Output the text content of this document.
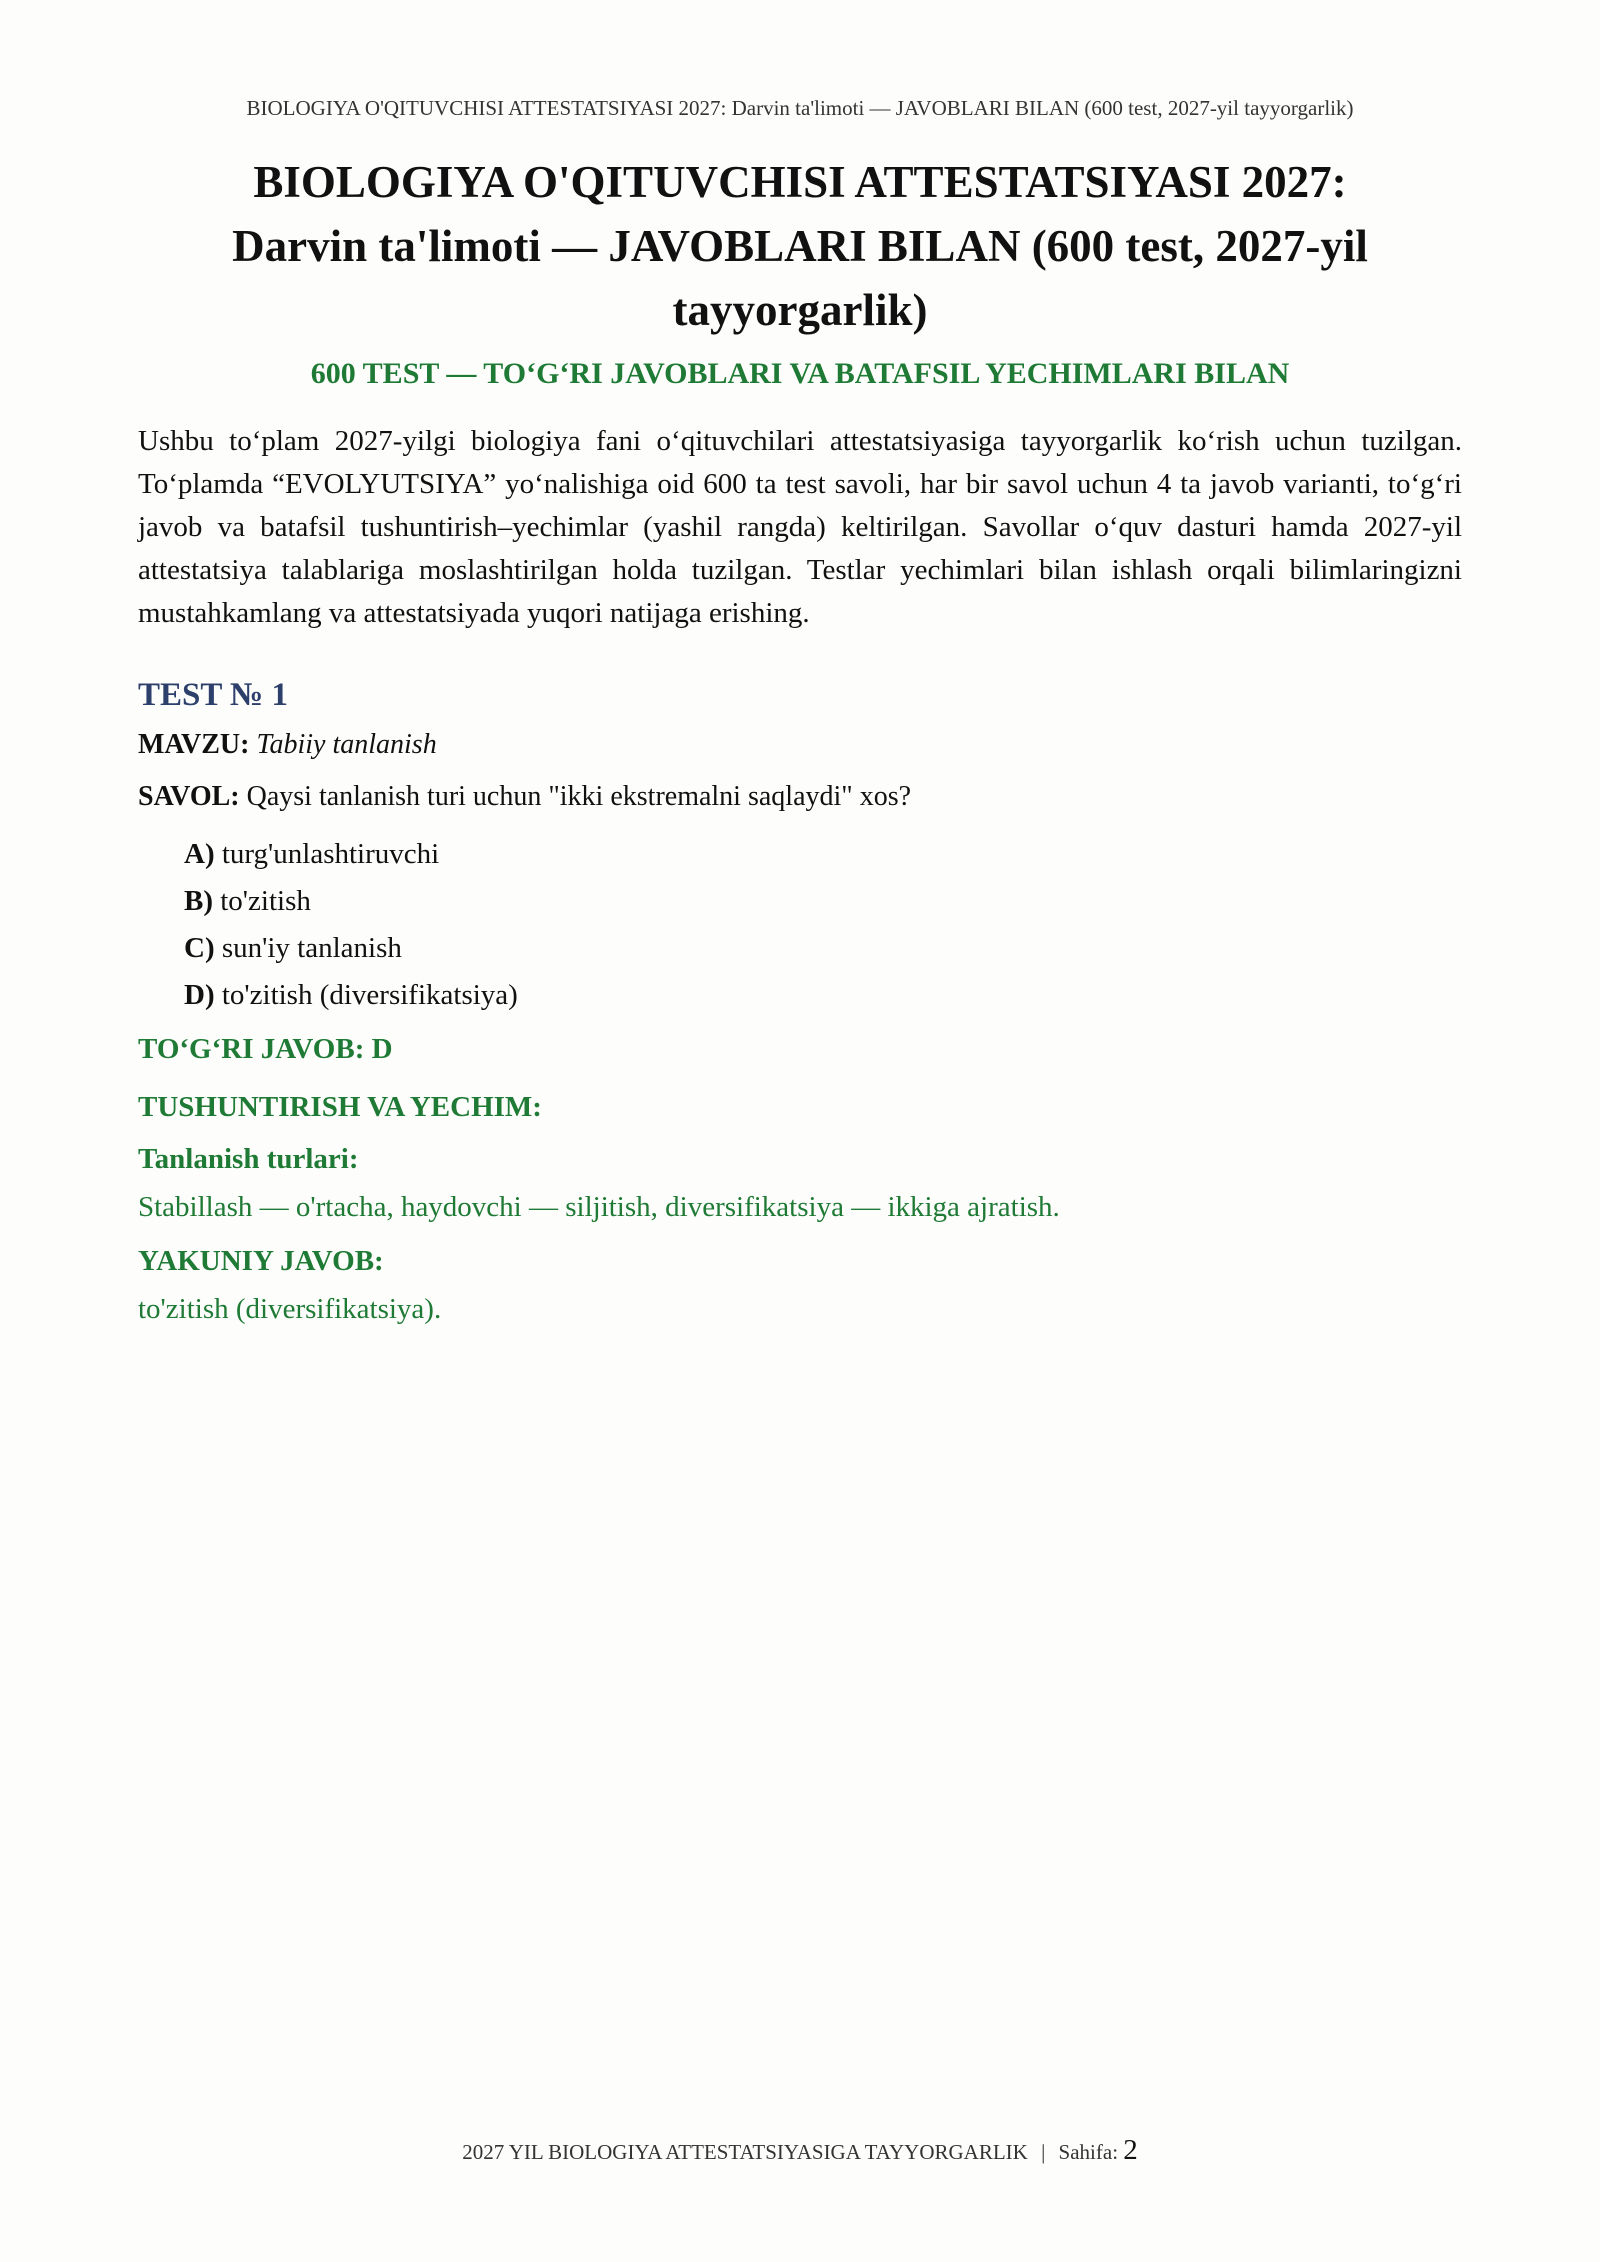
BIOLOGIYA O'QITUVCHISI ATTESTATSIYASI 2027: Darvin ta'limoti — JAVOBLARI BILAN (600 test, 2027-yil tayyorgarlik)
BIOLOGIYA O'QITUVCHISI ATTESTATSIYASI 2027:
Darvin ta'limoti — JAVOBLARI BILAN (600 test, 2027-yil
tayyorgarlik)
600 TEST — TO‘G‘RI JAVOBLARI VA BATAFSIL YECHIMLARI BILAN

Ushbu to‘plam 2027-yilgi biologiya fani o‘qituvchilari attestatsiyasiga tayyorgarlik ko‘rish uchun tuzilgan. To‘plamda “EVOLYUTSIYA” yo‘nalishiga oid 600 ta test savoli, har bir savol uchun 4 ta javob varianti, to‘g‘ri javob va batafsil tushuntirish–yechimlar (yashil rangda) keltirilgan. Savollar o‘quv dasturi hamda 2027-yil attestatsiya talablariga moslashtirilgan holda tuzilgan. Testlar yechimlari bilan ishlash orqali bilimlaringizni mustahkamlang va attestatsiyada yuqori natijaga erishing.

TEST № 1
MAVZU: Tabiiy tanlanish
SAVOL: Qaysi tanlanish turi uchun "ikki ekstremalni saqlaydi" xos?
A) turg'unlashtiruvchi
B) to'zitish
C) sun'iy tanlanish
D) to'zitish (diversifikatsiya)
TO‘G‘RI JAVOB: D
TUSHUNTIRISH VA YECHIM:
Tanlanish turlari:
Stabillash — o'rtacha, haydovchi — siljitish, diversifikatsiya — ikkiga ajratish.
YAKUNIY JAVOB:
to'zitish (diversifikatsiya).
2027 YIL BIOLOGIYA ATTESTATSIYASIGA TAYYORGARLIK | Sahifa: 2
